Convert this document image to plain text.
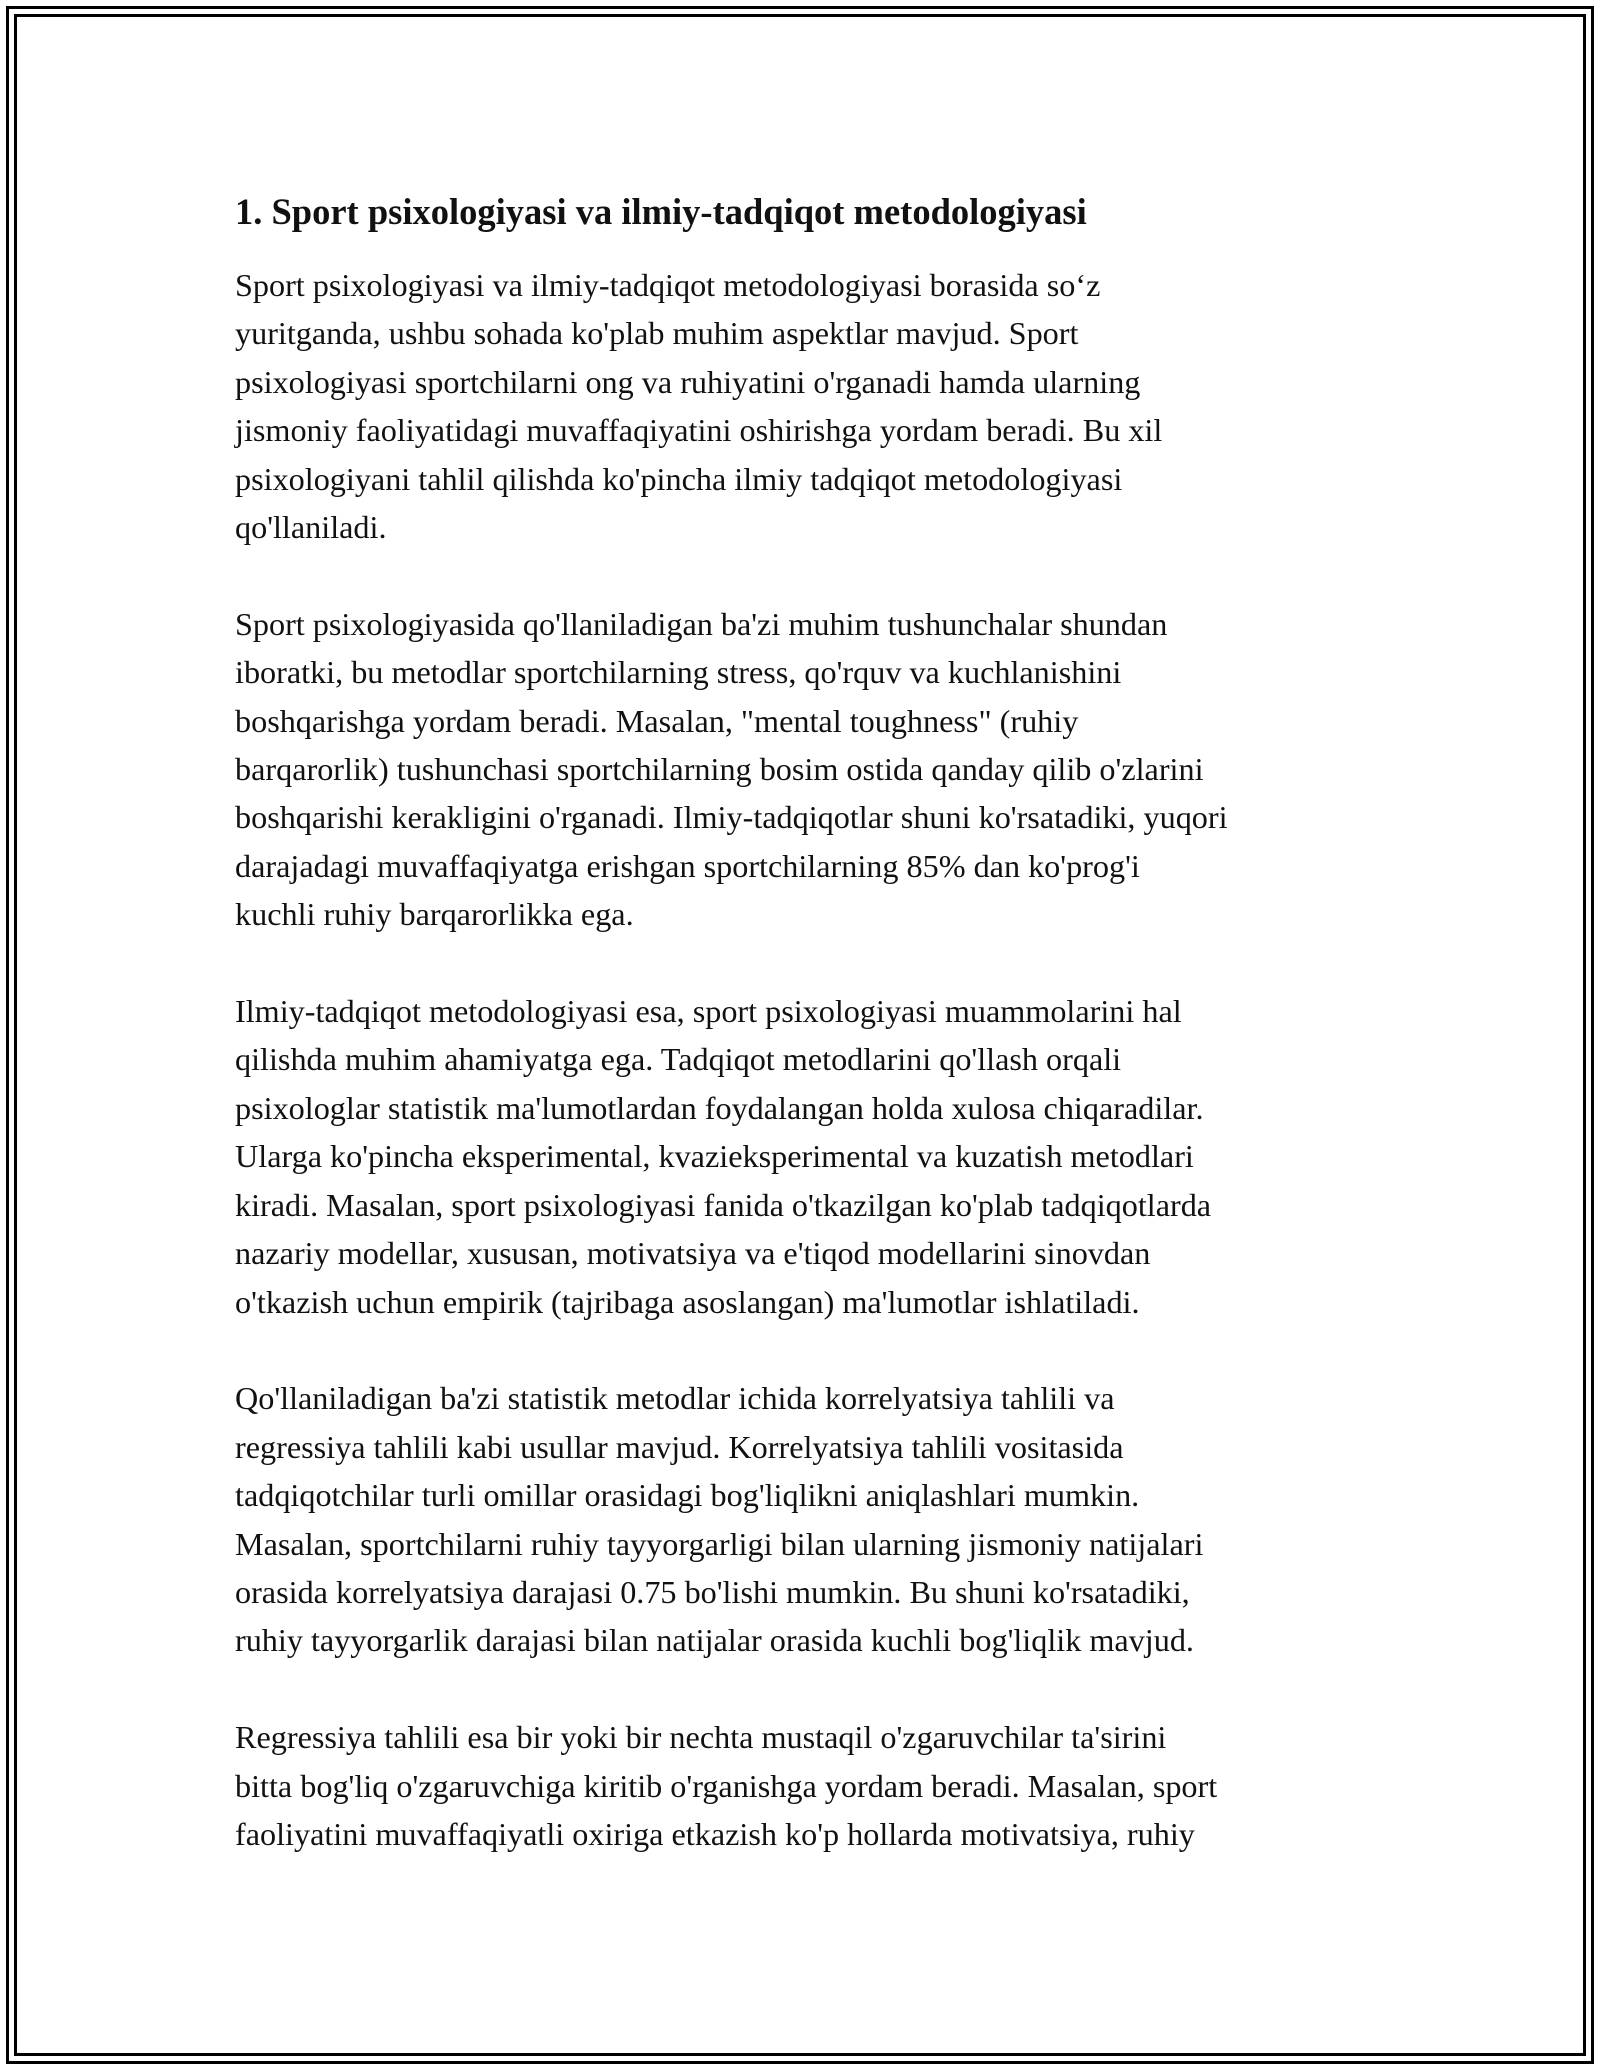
1. Sport psixologiyasi va ilmiy-tadqiqot metodologiyasi

Sport psixologiyasi va ilmiy-tadqiqot metodologiyasi borasida so‘z
yuritganda, ushbu sohada ko'plab muhim aspektlar mavjud. Sport
psixologiyasi sportchilarni ong va ruhiyatini o'rganadi hamda ularning
jismoniy faoliyatidagi muvaffaqiyatini oshirishga yordam beradi. Bu xil
psixologiyani tahlil qilishda ko'pincha ilmiy tadqiqot metodologiyasi
qo'llaniladi.

Sport psixologiyasida qo'llaniladigan ba'zi muhim tushunchalar shundan
iboratki, bu metodlar sportchilarning stress, qo'rquv va kuchlanishini
boshqarishga yordam beradi. Masalan, "mental toughness" (ruhiy
barqarorlik) tushunchasi sportchilarning bosim ostida qanday qilib o'zlarini
boshqarishi kerakligini o'rganadi. Ilmiy-tadqiqotlar shuni ko'rsatadiki, yuqori
darajadagi muvaffaqiyatga erishgan sportchilarning 85% dan ko'prog'i
kuchli ruhiy barqarorlikka ega.

Ilmiy-tadqiqot metodologiyasi esa, sport psixologiyasi muammolarini hal
qilishda muhim ahamiyatga ega. Tadqiqot metodlarini qo'llash orqali
psixologlar statistik ma'lumotlardan foydalangan holda xulosa chiqaradilar.
Ularga ko'pincha eksperimental, kvazieksperimental va kuzatish metodlari
kiradi. Masalan, sport psixologiyasi fanida o'tkazilgan ko'plab tadqiqotlarda
nazariy modellar, xususan, motivatsiya va e'tiqod modellarini sinovdan
o'tkazish uchun empirik (tajribaga asoslangan) ma'lumotlar ishlatiladi.

Qo'llaniladigan ba'zi statistik metodlar ichida korrelyatsiya tahlili va
regressiya tahlili kabi usullar mavjud. Korrelyatsiya tahlili vositasida
tadqiqotchilar turli omillar orasidagi bog'liqlikni aniqlashlari mumkin.
Masalan, sportchilarni ruhiy tayyorgarligi bilan ularning jismoniy natijalari
orasida korrelyatsiya darajasi 0.75 bo'lishi mumkin. Bu shuni ko'rsatadiki,
ruhiy tayyorgarlik darajasi bilan natijalar orasida kuchli bog'liqlik mavjud.

Regressiya tahlili esa bir yoki bir nechta mustaqil o'zgaruvchilar ta'sirini
bitta bog'liq o'zgaruvchiga kiritib o'rganishga yordam beradi. Masalan, sport
faoliyatini muvaffaqiyatli oxiriga etkazish ko'p hollarda motivatsiya, ruhiy
